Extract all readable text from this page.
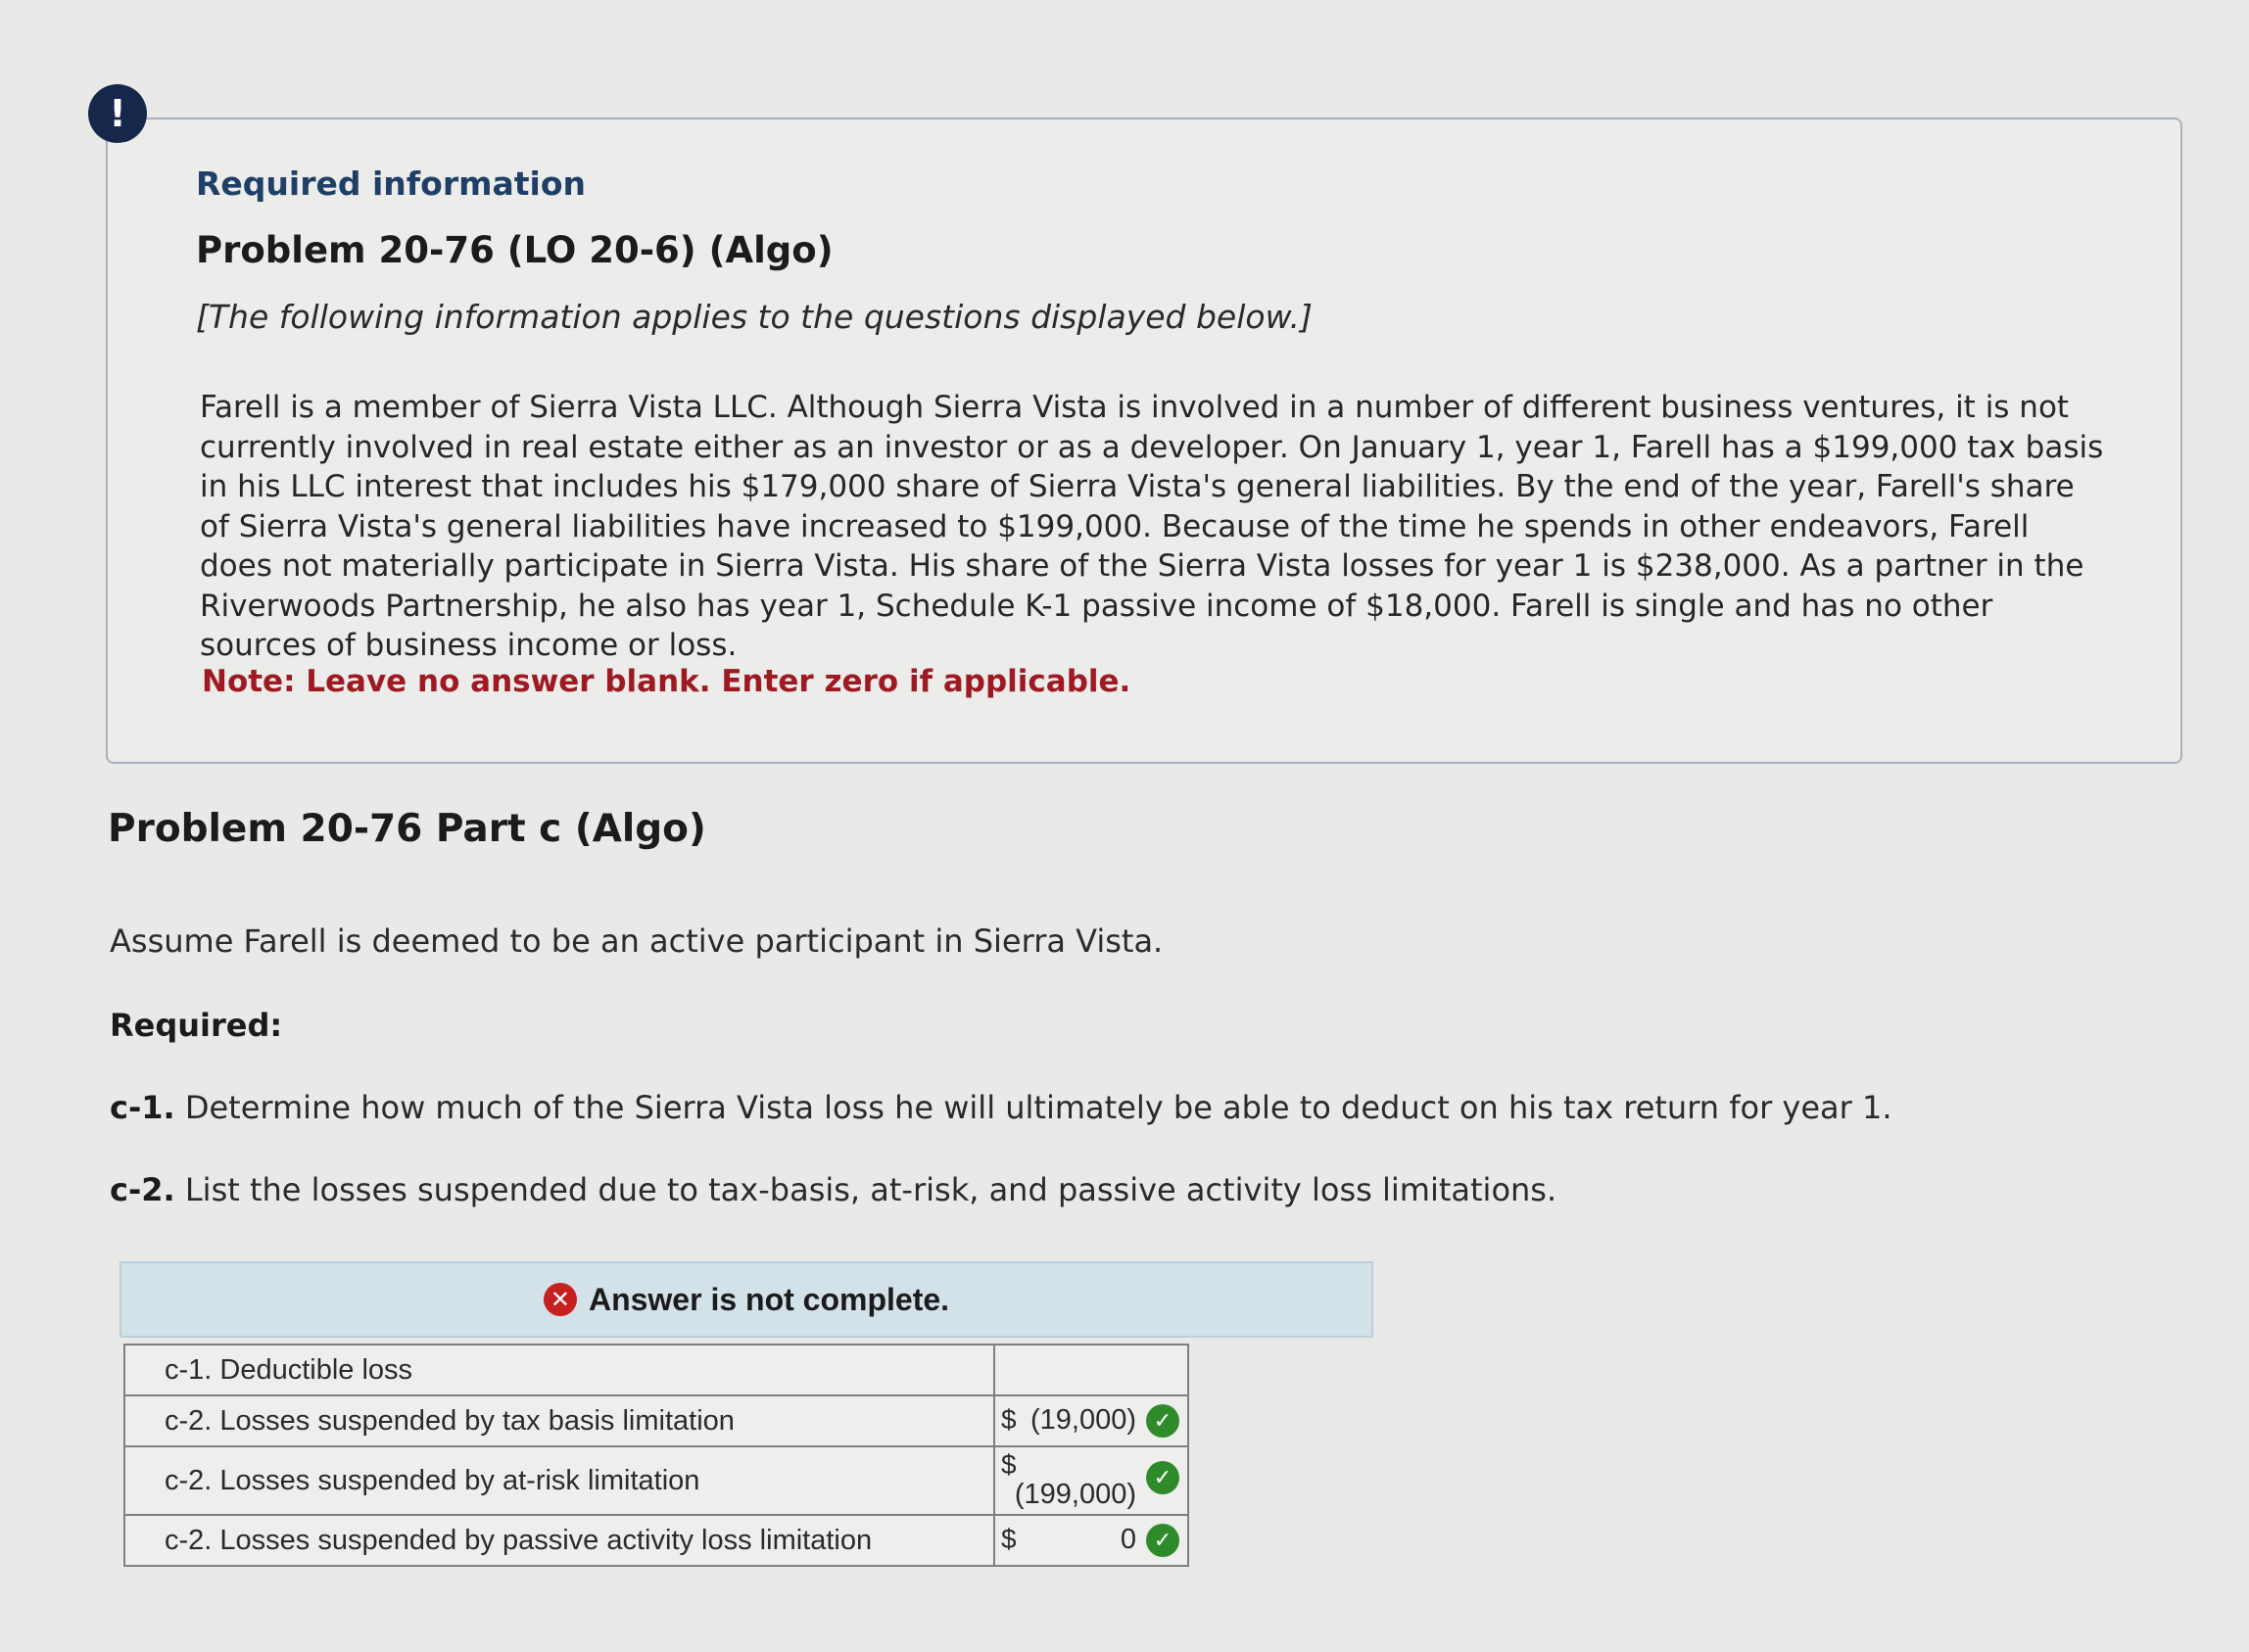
!
Required information
Problem 20-76 (LO 20-6) (Algo)
[The following information applies to the questions displayed below.]
Farell is a member of Sierra Vista LLC. Although Sierra Vista is involved in a number of different business ventures, it is not currently involved in real estate either as an investor or as a developer. On January 1, year 1, Farell has a $199,000 tax basis in his LLC interest that includes his $179,000 share of Sierra Vista's general liabilities. By the end of the year, Farell's share of Sierra Vista's general liabilities have increased to $199,000. Because of the time he spends in other endeavors, Farell does not materially participate in Sierra Vista. His share of the Sierra Vista losses for year 1 is $238,000. As a partner in the Riverwoods Partnership, he also has year 1, Schedule K-1 passive income of $18,000. Farell is single and has no other sources of business income or loss.
Note: Leave no answer blank. Enter zero if applicable.
Problem 20-76 Part c (Algo)
Assume Farell is deemed to be an active participant in Sierra Vista.
Required:
c-1. Determine how much of the Sierra Vista loss he will ultimately be able to deduct on his tax return for year 1.
c-2. List the losses suspended due to tax-basis, at-risk, and passive activity loss limitations.
✕ Answer is not complete.
c-1. Deductible loss	
c-2. Losses suspended by tax basis limitation	$ (19,000) ✓

c-2. Losses suspended by at-risk limitation	$
(199,000)
✓

c-2. Losses suspended by passive activity loss limitation	$ 0 ✓
